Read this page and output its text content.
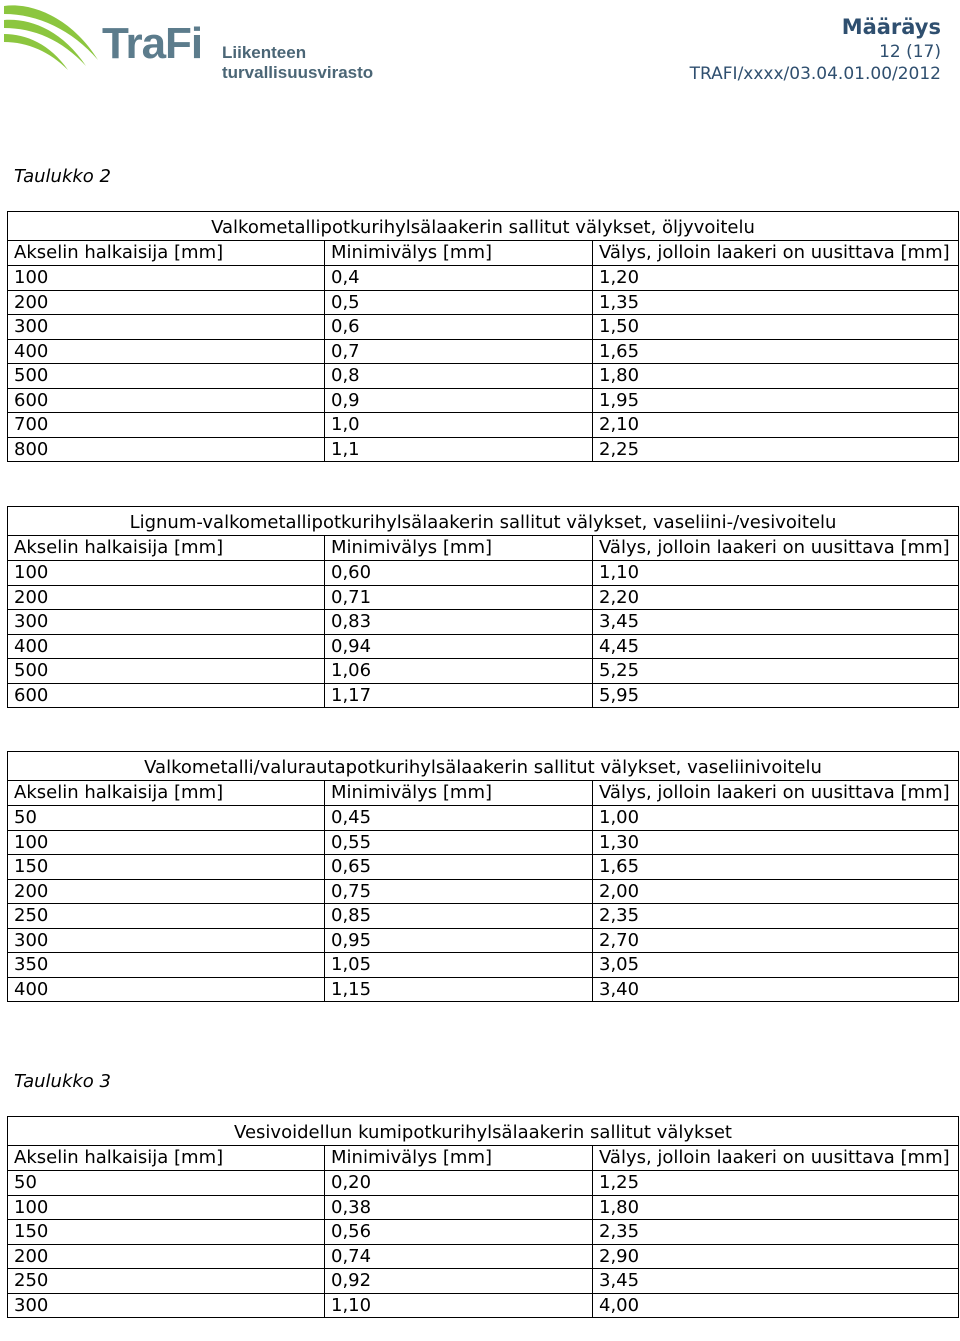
TraFi Liikenteen turvallisuusvirasto
Määräys
12 (17)
TRAFI/xxxx/03.04.01.00/2012
Taulukko 2
Valkometallipotkurihylsälaakerin sallitut välykset, öljyvoitelu		
Akselin halkaisija [mm]	Minimivälys [mm]	Välys, jolloin laakeri on uusittava [mm]
100	0,4	1,20
200	0,5	1,35
300	0,6	1,50
400	0,7	1,65
500	0,8	1,80
600	0,9	1,95
700	1,0	2,10
800	1,1	2,25
Lignum-valkometallipotkurihylsälaakerin sallitut välykset, vaseliini-/vesivoitelu		
Akselin halkaisija [mm]	Minimivälys [mm]	Välys, jolloin laakeri on uusittava [mm]
100	0,60	1,10
200	0,71	2,20
300	0,83	3,45
400	0,94	4,45
500	1,06	5,25
600	1,17	5,95
Valkometalli/valurautapotkurihylsälaakerin sallitut välykset, vaseliinivoitelu		
Akselin halkaisija [mm]	Minimivälys [mm]	Välys, jolloin laakeri on uusittava [mm]
50	0,45	1,00
100	0,55	1,30
150	0,65	1,65
200	0,75	2,00
250	0,85	2,35
300	0,95	2,70
350	1,05	3,05
400	1,15	3,40
Taulukko 3
Vesivoidellun kumipotkurihylsälaakerin sallitut välykset		
Akselin halkaisija [mm]	Minimivälys [mm]	Välys, jolloin laakeri on uusittava [mm]
50	0,20	1,25
100	0,38	1,80
150	0,56	2,35
200	0,74	2,90
250	0,92	3,45
300	1,10	4,00
